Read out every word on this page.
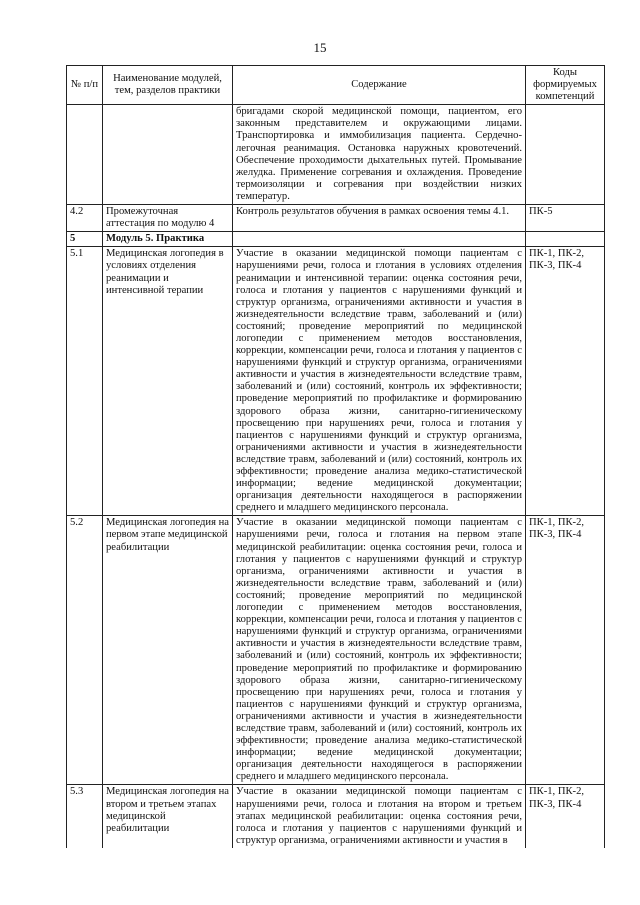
15
№ п/п	Наименование модулей, тем, разделов практики	Содержание	Коды формируемых компетенций
		бригадами скорой медицинской помощи, пациентом, его законным представителем и окружающими лицами. Транспортировка и иммобилизация пациента. Сердечно-легочная реанимация. Остановка наружных кровотечений. Обеспечение проходимости дыхательных путей. Промывание желудка. Применение согревания и охлаждения. Проведение термоизоляции и согревания при воздействии низких температур.	
4.2	Промежуточная аттестация по модулю 4	Контроль результатов обучения в рамках освоения темы 4.1.	ПК-5
5	Модуль 5. Практика		
5.1	Медицинская логопедия в условиях отделения реанимации и интенсивной терапии	Участие в оказании медицинской помощи пациентам с нарушениями речи, голоса и глотания в условиях отделения реанимации и интенсивной терапии: оценка состояния речи, голоса и глотания у пациентов с нарушениями функций и структур организма, ограничениями активности и участия в жизнедеятельности вследствие травм, заболеваний и (или) состояний; проведение мероприятий по медицинской логопедии с применением методов восстановления, коррекции, компенсации речи, голоса и глотания у пациентов с нарушениями функций и структур организма, ограничениями активности и участия в жизнедеятельности вследствие травм, заболеваний и (или) состояний, контроль их эффективности; проведение мероприятий по профилактике и формированию здорового образа жизни, санитарно-гигиеническому просвещению при нарушениях речи, голоса и глотания у пациентов с нарушениями функций и структур организма, ограничениями активности и участия в жизнедеятельности вследствие травм, заболеваний и (или) состояний, контроль их эффективности; проведение анализа медико-статистической информации; ведение медицинской документации; организация деятельности находящегося в распоряжении среднего и младшего медицинского персонала.	ПК-1, ПК-2, ПК-3, ПК-4
5.2	Медицинская логопедия на первом этапе медицинской реабилитации	Участие в оказании медицинской помощи пациентам с нарушениями речи, голоса и глотания на первом этапе медицинской реабилитации: оценка состояния речи, голоса и глотания у пациентов с нарушениями функций и структур организма, ограничениями активности и участия в жизнедеятельности вследствие травм, заболеваний и (или) состояний; проведение мероприятий по медицинской логопедии с применением методов восстановления, коррекции, компенсации речи, голоса и глотания у пациентов с нарушениями функций и структур организма, ограничениями активности и участия в жизнедеятельности вследствие травм, заболеваний и (или) состояний, контроль их эффективности; проведение мероприятий по профилактике и формированию здорового образа жизни, санитарно-гигиеническому просвещению при нарушениях речи, голоса и глотания у пациентов с нарушениями функций и структур организма, ограничениями активности и участия в жизнедеятельности вследствие травм, заболеваний и (или) состояний, контроль их эффективности; проведение анализа медико-статистической информации; ведение медицинской документации; организация деятельности находящегося в распоряжении среднего и младшего медицинского персонала.	ПК-1, ПК-2, ПК-3, ПК-4
5.3	Медицинская логопедия на втором и третьем этапах медицинской реабилитации	Участие в оказании медицинской помощи пациентам с нарушениями речи, голоса и глотания на втором и третьем этапах медицинской реабилитации: оценка состояния речи, голоса и глотания у пациентов с нарушениями функций и структур организма, ограничениями активности и участия в	ПК-1, ПК-2, ПК-3, ПК-4
